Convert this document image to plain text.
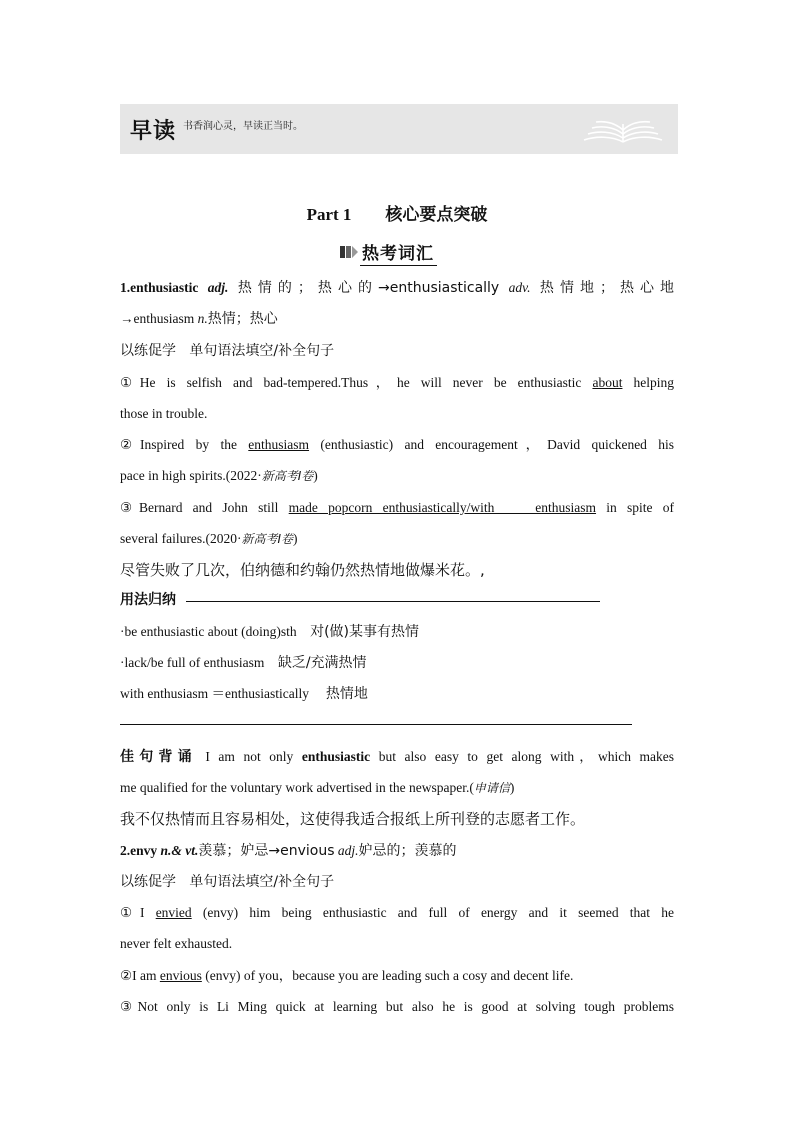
早读 书香润心灵，早读正当时。
Part 1 核心要点突破
热考词汇
1.enthusiastic adj. 热情的；热心的→enthusiastically adv. 热情地；热心地
→enthusiasm n.热情；热心
以练促学 单句语法填空/补全句子
①He is selfish and bad-tempered.Thus，he will never be enthusiastic about helping
those in trouble.
②Inspired by the enthusiasm (enthusiastic) and encouragement，David quickened his
pace in high spirits.(2022·新高考Ⅰ卷)
③Bernard and John still made popcorn enthusiastically/with    enthusiasm in spite of
several failures.(2020·新高考Ⅰ卷)
尽管失败了几次，伯纳德和约翰仍然热情地做爆米花。,
用法归纳
·be enthusiastic about (doing)sth 对(做)某事有热情
·lack/be full of enthusiasm 缺乏/充满热情
with enthusiasm ＝enthusiastically 热情地
佳句背诵 I am not only enthusiastic but also easy to get along with，which makes
me qualified for the voluntary work advertised in the newspaper.(申请信)
我不仅热情而且容易相处，这使得我适合报纸上所刊登的志愿者工作。
2.envy n.& vt.羡慕；妒忌→envious adj.妒忌的；羡慕的
以练促学 单句语法填空/补全句子
①I envied (envy) him being enthusiastic and full of energy and it seemed that he
never felt exhausted.
②I am envious (envy) of you，because you are leading such a cosy and decent life.
③Not only is Li Ming quick at learning but also he is good at solving tough problems
